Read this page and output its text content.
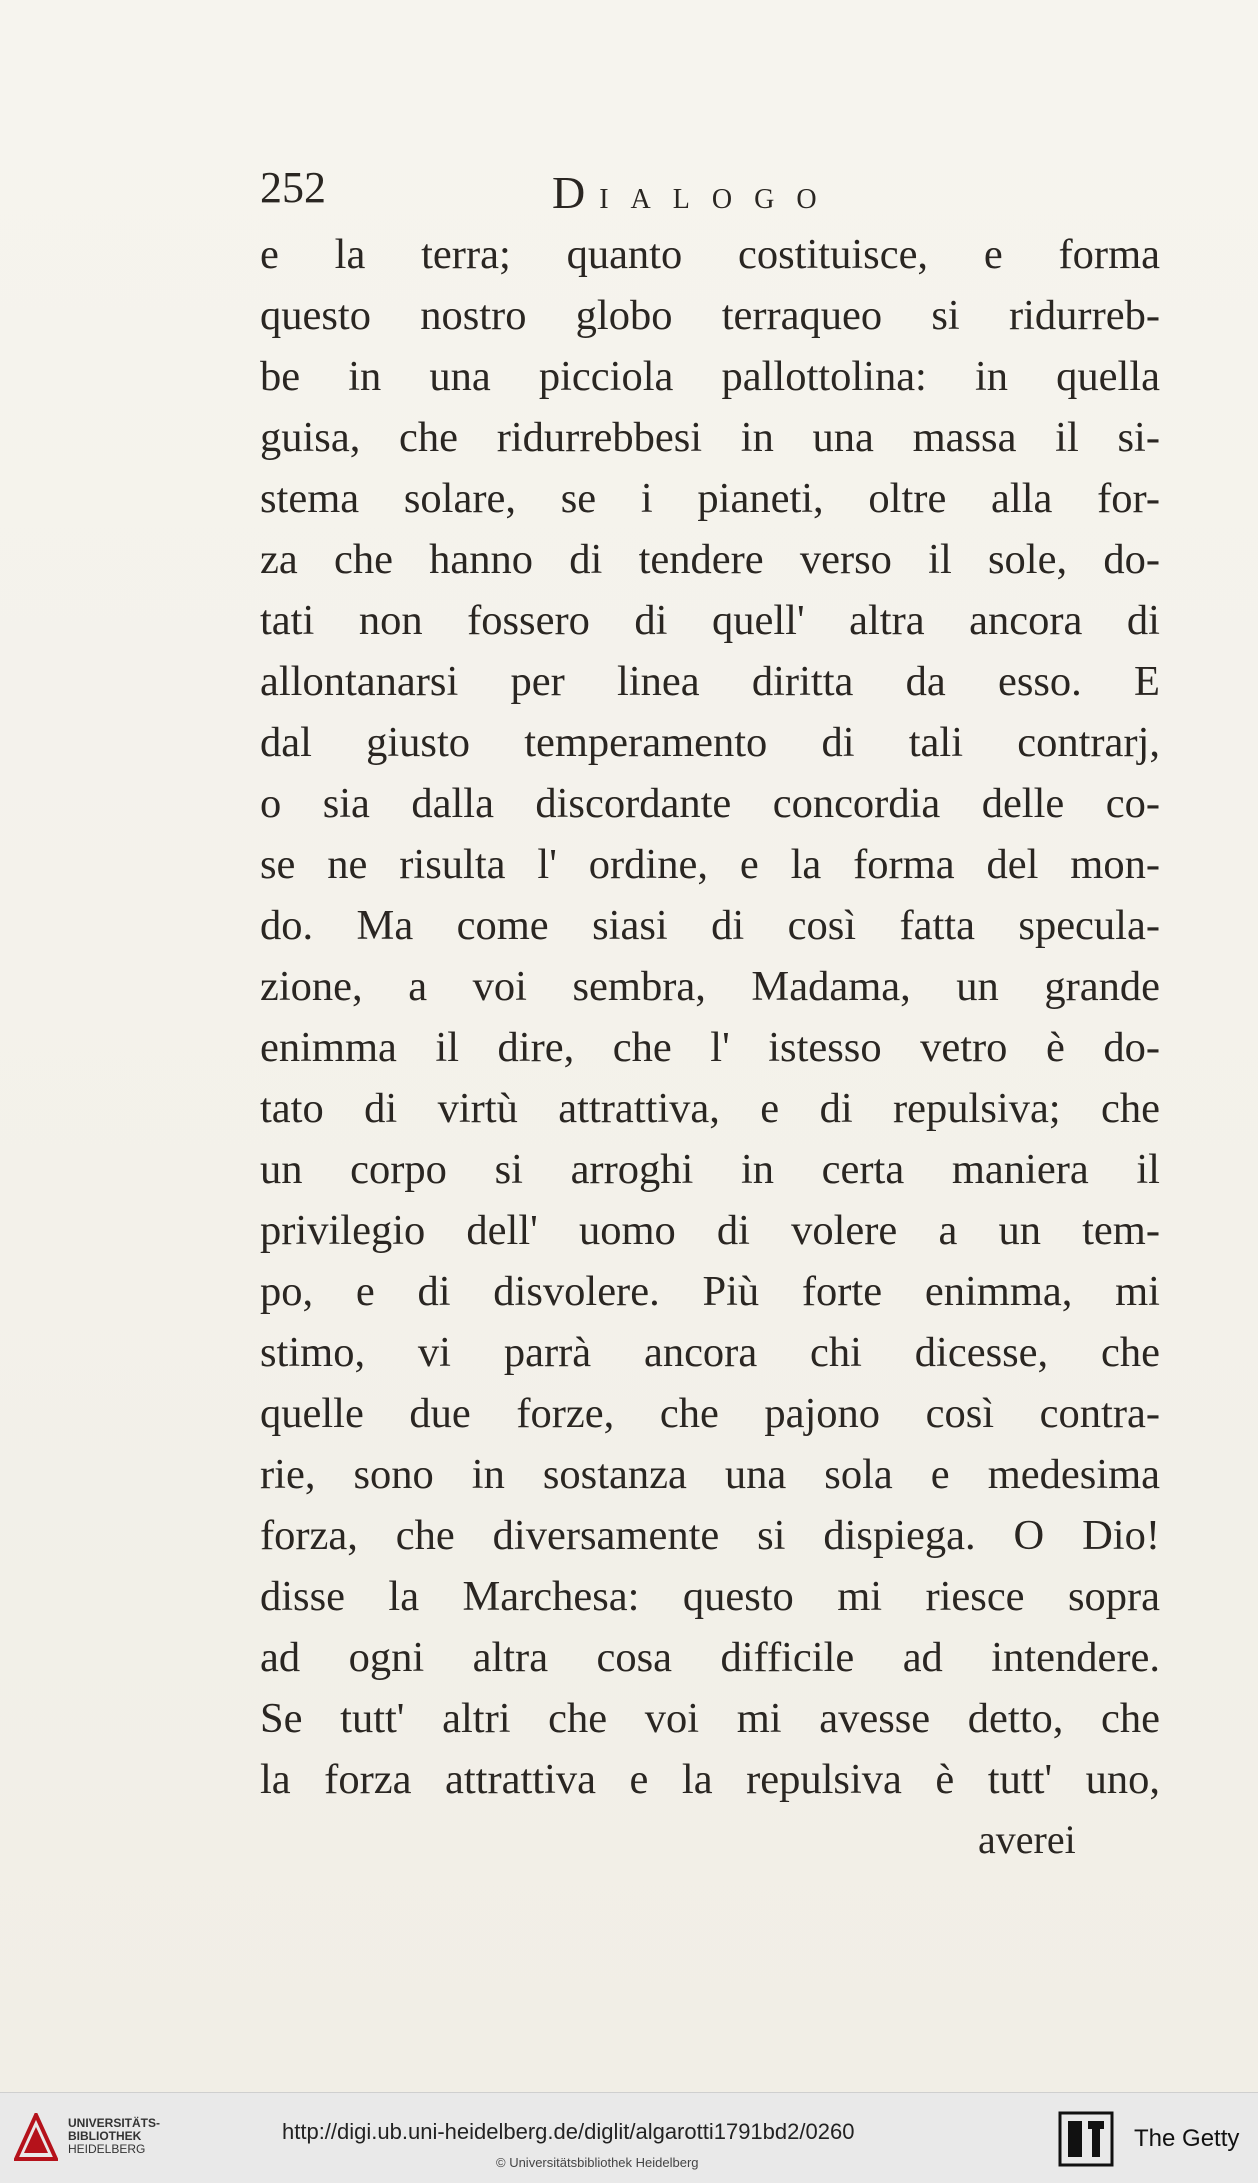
252	DIALOGO
e la terra; quanto costituisce, e forma
questo nostro globo terraqueo si ridurreb-
be in una picciola pallottolina: in quella
guisa, che ridurrebbesi in una massa il si-
stema solare, se i pianeti, oltre alla for-
za che hanno di tendere verso il sole, do-
tati non fossero di quell' altra ancora di
allontanarsi per linea diritta da esso. E
dal giusto temperamento di tali contrarj,
o sia dalla discordante concordia delle co-
se ne risulta l' ordine, e la forma del mon-
do. Ma come siasi di così fatta specula-
zione, a voi sembra, Madama, un grande
enimma il dire, che l' istesso vetro è do-
tato di virtù attrattiva, e di repulsiva; che
un corpo si arroghi in certa maniera il
privilegio dell' uomo di volere a un tem-
po, e di disvolere. Più forte enimma, mi
stimo, vi parrà ancora chi dicesse, che
quelle due forze, che pajono così contra-
rie, sono in sostanza una sola e medesima
forza, che diversamente si dispiega. O Dio!
disse la Marchesa: questo mi riesce sopra
ad ogni altra cosa difficile ad intendere.
Se tutt' altri che voi mi avesse detto, che
la forza attrattiva e la repulsiva è tutt' uno,
averei
UNIVERSITÄTS-
BIBLIOTHEK
HEIDELBERG
http://digi.ub.uni-heidelberg.de/diglit/algarotti1791bd2/0260
© Universitätsbibliothek Heidelberg
The Getty
